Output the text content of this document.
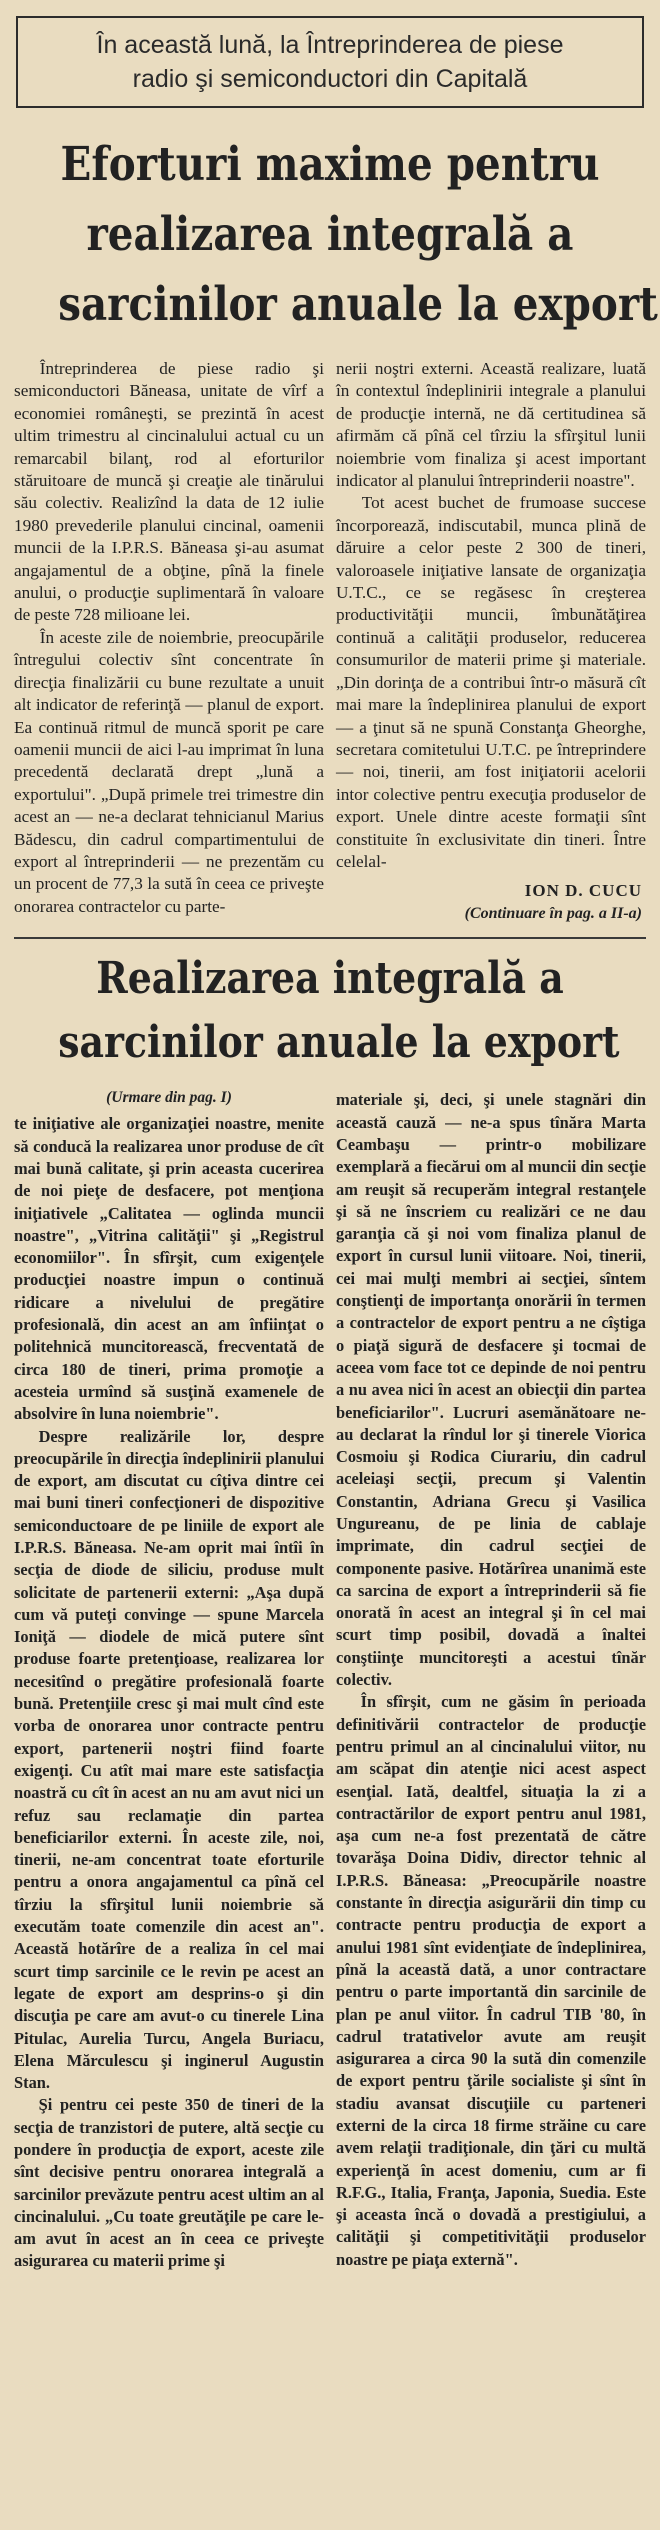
În această lună, la Întreprinderea de piese
radio şi semiconductori din Capitală
Eforturi maxime pentru
realizarea integrală a
sarcinilor anuale la export

Întreprinderea de piese radio şi semiconductori Băneasa, unitate de vîrf a economiei româneşti, se prezintă în acest ultim trimestru al cincinalului actual cu un remarcabil bilanţ, rod al eforturilor stăruitoare de muncă şi creaţie ale tinărului său colectiv. Realizînd la data de 12 iulie 1980 prevederile planului cincinal, oamenii muncii de la I.P.R.S. Băneasa şi-au asumat angajamentul de a obţine, pînă la finele anului, o producţie suplimentară în valoare de peste 728 milioane lei.

În aceste zile de noiembrie, preocupările întregului colectiv sînt concentrate în direcţia finalizării cu bune rezultate a unuit alt indicator de referinţă — planul de export. Ea continuă ritmul de muncă sporit pe care oamenii muncii de aici l-au imprimat în luna precedentă declarată drept „lună a exportului". „După primele trei trimestre din acest an — ne-a declarat tehnicianul Marius Bădescu, din cadrul compartimentului de export al întreprinderii — ne prezentăm cu un procent de 77,3 la sută în ceea ce priveşte onorarea contractelor cu parte-

nerii noştri externi. Această realizare, luată în contextul îndeplinirii integrale a planului de producţie internă, ne dă certitudinea să afirmăm că pînă cel tîrziu la sfîrşitul lunii noiembrie vom finaliza şi acest important indicator al planului întreprinderii noastre".

Tot acest buchet de frumoase succese încorporează, indiscutabil, munca plină de dăruire a celor peste 2 300 de tineri, valoroasele iniţiative lansate de organizaţia U.T.C., ce se regăsesc în creşterea productivităţii muncii, îmbunătăţirea continuă a calităţii produselor, reducerea consumurilor de materii prime şi materiale. „Din dorinţa de a contribui într-o măsură cît mai mare la îndeplinirea planului de export — a ţinut să ne spună Constanţa Gheorghe, secretara comitetului U.T.C. pe întreprindere — noi, tinerii, am fost iniţiatorii acelorii intor colective pentru execuţia produselor de export. Unele dintre aceste formaţii sînt constituite în exclusivitate din tineri. Între celelal-

ION D. CUCU
(Continuare în pag. a II-a)
Realizarea integrală a
sarcinilor anuale la export
(Urmare din pag. I)

te iniţiative ale organizaţiei noastre, menite să conducă la realizarea unor produse de cît mai bună calitate, şi prin aceasta cucerirea de noi pieţe de desfacere, pot menţiona iniţiativele „Calitatea — oglinda muncii noastre", „Vitrina calităţii" şi „Registrul economiilor". În sfîrşit, cum exigenţele producţiei noastre impun o continuă ridicare a nivelului de pregătire profesională, din acest an am înfiinţat o politehnică muncitorească, frecventată de circa 180 de tineri, prima promoţie a acesteia urmînd să susţină examenele de absolvire în luna noiembrie".

Despre realizările lor, despre preocupările în direcţia îndeplinirii planului de export, am discutat cu cîţiva dintre cei mai buni tineri confecţioneri de dispozitive semiconductoare de pe liniile de export ale I.P.R.S. Băneasa. Ne-am oprit mai întîi în secţia de diode de siliciu, produse mult solicitate de partenerii externi: „Aşa după cum vă puteţi convinge — spune Marcela Ioniţă — diodele de mică putere sînt produse foarte pretenţioase, realizarea lor necesitînd o pregătire profesională foarte bună. Pretenţiile cresc şi mai mult cînd este vorba de onorarea unor contracte pentru export, partenerii noştri fiind foarte exigenţi. Cu atît mai mare este satisfacţia noastră cu cît în acest an nu am avut nici un refuz sau reclamaţie din partea beneficiarilor externi. În aceste zile, noi, tinerii, ne-am concentrat toate eforturile pentru a onora angajamentul ca pînă cel tîrziu la sfîrşitul lunii noiembrie să executăm toate comenzile din acest an". Această hotărîre de a realiza în cel mai scurt timp sarcinile ce le revin pe acest an legate de export am desprins-o şi din discuţia pe care am avut-o cu tinerele Lina Pitulac, Aurelia Turcu, Angela Buriacu, Elena Mărculescu şi inginerul Augustin Stan.

Şi pentru cei peste 350 de tineri de la secţia de tranzistori de putere, altă secţie cu pondere în producţia de export, aceste zile sînt decisive pentru onorarea integrală a sarcinilor prevăzute pentru acest ultim an al cincinalului. „Cu toate greutăţile pe care le-am avut în acest an în ceea ce priveşte asigurarea cu materii prime şi

materiale şi, deci, şi unele stagnări din această cauză — ne-a spus tînăra Marta Ceambaşu — printr-o mobilizare exemplară a fiecărui om al muncii din secţie am reuşit să recuperăm integral restanţele şi să ne înscriem cu realizări ce ne dau garanţia că şi noi vom finaliza planul de export în cursul lunii viitoare. Noi, tinerii, cei mai mulţi membri ai secţiei, sîntem conştienţi de importanţa onorării în termen a contractelor de export pentru a ne cîştiga o piaţă sigură de desfacere şi tocmai de aceea vom face tot ce depinde de noi pentru a nu avea nici în acest an obiecţii din partea beneficiarilor". Lucruri asemănătoare ne-au declarat la rîndul lor şi tinerele Viorica Cosmoiu şi Rodica Ciurariu, din cadrul aceleiaşi secţii, precum şi Valentin Constantin, Adriana Grecu şi Vasilica Ungureanu, de pe linia de cablaje imprimate, din cadrul secţiei de componente pasive. Hotărîrea unanimă este ca sarcina de export a întreprinderii să fie onorată în acest an integral şi în cel mai scurt timp posibil, dovadă a înaltei conştiinţe muncitoreşti a acestui tînăr colectiv.

În sfîrşit, cum ne găsim în perioada definitivării contractelor de producţie pentru primul an al cincinalului viitor, nu am scăpat din atenţie nici acest aspect esenţial. Iată, dealtfel, situaţia la zi a contractărilor de export pentru anul 1981, aşa cum ne-a fost prezentată de către tovarăşa Doina Didiv, director tehnic al I.P.R.S. Băneasa: „Preocupările noastre constante în direcţia asigurării din timp cu contracte pentru producţia de export a anului 1981 sînt evidenţiate de îndeplinirea, pînă la această dată, a unor contractare pentru o parte importantă din sarcinile de plan pe anul viitor. În cadrul TIB '80, în cadrul tratativelor avute am reuşit asigurarea a circa 90 la sută din comenzile de export pentru ţările socialiste şi sînt în stadiu avansat discuţiile cu parteneri externi de la circa 18 firme străine cu care avem relaţii tradiţionale, din ţări cu multă experienţă în acest domeniu, cum ar fi R.F.G., Italia, Franţa, Japonia, Suedia. Este şi aceasta încă o dovadă a prestigiului, a calităţii şi competitivităţii produselor noastre pe piaţa externă".
